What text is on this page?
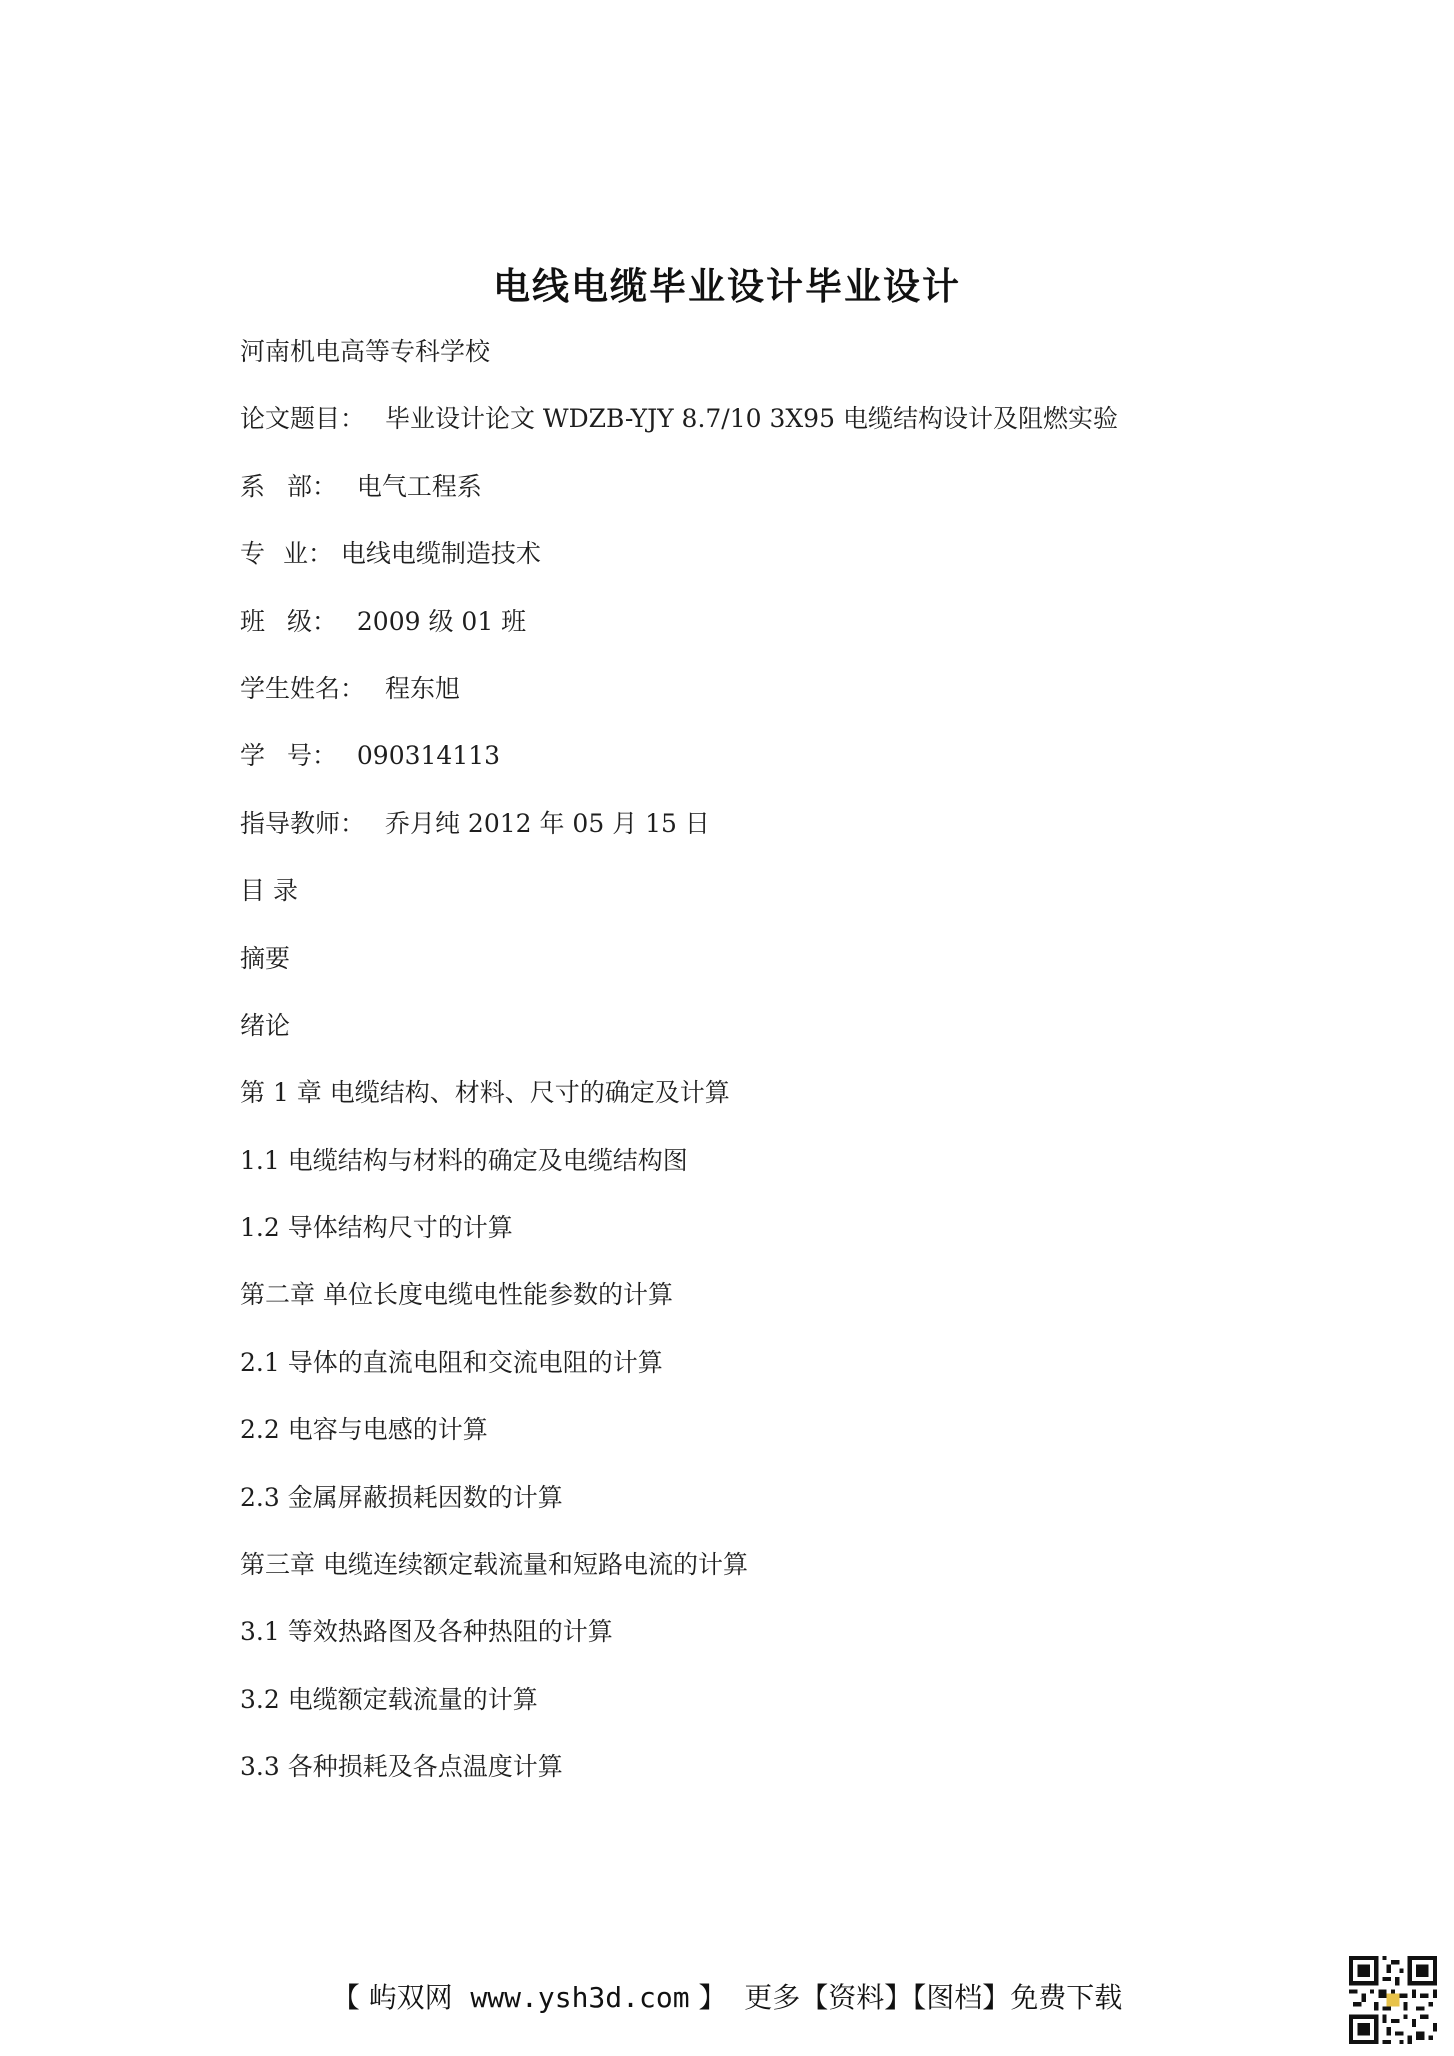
电线电缆毕业设计毕业设计
河南机电高等专科学校
论文题目： 毕业设计论文 WDZB-YJY 8.7/10 3X95 电缆结构设计及阻燃实验
系 部： 电气工程系
专 业： 电线电缆制造技术
班 级： 2009 级 01 班
学生姓名： 程东旭
学 号： 090314113
指导教师： 乔月纯 2012 年 05 月 15 日
目 录
摘要
绪论
第 1 章 电缆结构、材料、尺寸的确定及计算
1.1 电缆结构与材料的确定及电缆结构图
1.2 导体结构尺寸的计算
第二章 单位长度电缆电性能参数的计算
2.1 导体的直流电阻和交流电阻的计算
2.2 电容与电感的计算
2.3 金属屏蔽损耗因数的计算
第三章 电缆连续额定载流量和短路电流的计算
3.1 等效热路图及各种热阻的计算
3.2 电缆额定载流量的计算
3.3 各种损耗及各点温度计算
【 屿双网 www.ysh3d.com 】 更多【资料】【图档】免费下载
